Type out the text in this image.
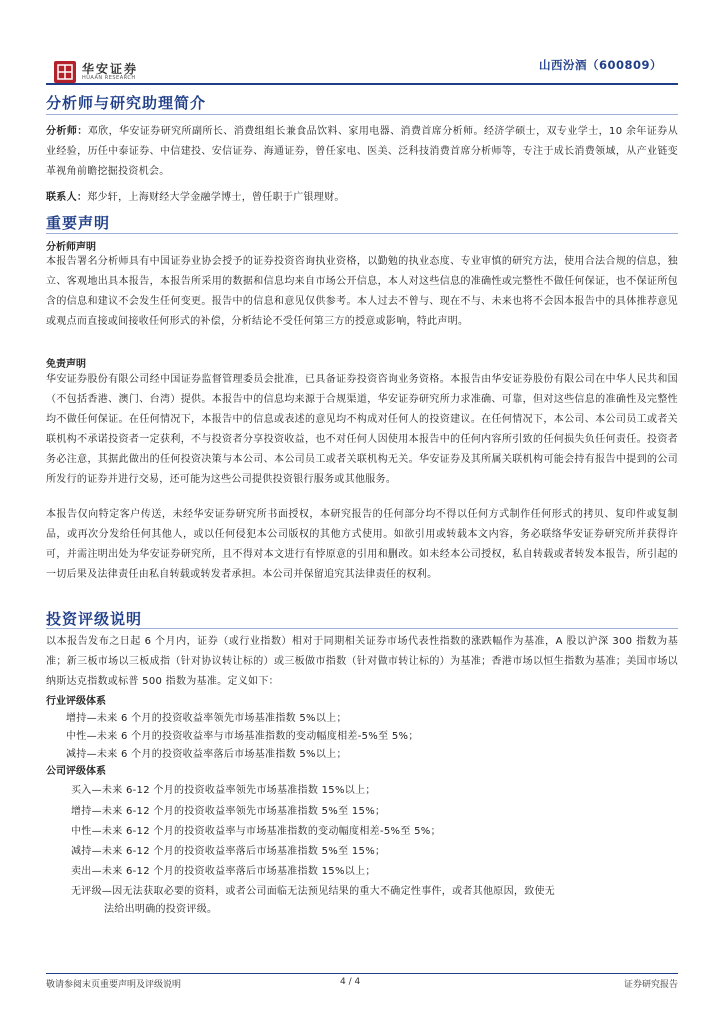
华安证券
HUAAN RESEARCH
山西汾酒（600809）
分析师与研究助理简介
分析师：邓欣，华安证券研究所副所长、消费组组长兼食品饮料、家用电器、消费首席分析师。经济学硕士，双专业学士，10 余年证券从业经验，历任中泰证券、中信建投、安信证券、海通证券，曾任家电、医美、泛科技消费首席分析师等，专注于成长消费领域，从产业链变革视角前瞻挖掘投资机会。
联系人：郑少轩，上海财经大学金融学博士，曾任职于广银理财。
重要声明
分析师声明
本报告署名分析师具有中国证券业协会授予的证券投资咨询执业资格，以勤勉的执业态度、专业审慎的研究方法，使用合法合规的信息，独立、客观地出具本报告，本报告所采用的数据和信息均来自市场公开信息，本人对这些信息的准确性或完整性不做任何保证，也不保证所包含的信息和建议不会发生任何变更。报告中的信息和意见仅供参考。本人过去不曾与、现在不与、未来也将不会因本报告中的具体推荐意见或观点而直接或间接收任何形式的补偿，分析结论不受任何第三方的授意或影响，特此声明。
免责声明
华安证券股份有限公司经中国证券监督管理委员会批准，已具备证券投资咨询业务资格。本报告由华安证券股份有限公司在中华人民共和国（不包括香港、澳门、台湾）提供。本报告中的信息均来源于合规渠道，华安证券研究所力求准确、可靠，但对这些信息的准确性及完整性均不做任何保证。在任何情况下，本报告中的信息或表述的意见均不构成对任何人的投资建议。在任何情况下，本公司、本公司员工或者关联机构不承诺投资者一定获利，不与投资者分享投资收益，也不对任何人因使用本报告中的任何内容所引致的任何损失负任何责任。投资者务必注意，其据此做出的任何投资决策与本公司、本公司员工或者关联机构无关。华安证券及其所属关联机构可能会持有报告中提到的公司所发行的证券并进行交易，还可能为这些公司提供投资银行服务或其他服务。
本报告仅向特定客户传送，未经华安证券研究所书面授权，本研究报告的任何部分均不得以任何方式制作任何形式的拷贝、复印件或复制品，或再次分发给任何其他人，或以任何侵犯本公司版权的其他方式使用。如欲引用或转载本文内容，务必联络华安证券研究所并获得许可，并需注明出处为华安证券研究所，且不得对本文进行有悖原意的引用和删改。如未经本公司授权，私自转载或者转发本报告，所引起的一切后果及法律责任由私自转载或转发者承担。本公司并保留追究其法律责任的权利。
投资评级说明
以本报告发布之日起 6 个月内，证券（或行业指数）相对于同期相关证券市场代表性指数的涨跌幅作为基准，A 股以沪深 300 指数为基准；新三板市场以三板成指（针对协议转让标的）或三板做市指数（针对做市转让标的）为基准；香港市场以恒生指数为基准；美国市场以纳斯达克指数或标普 500 指数为基准。定义如下：
行业评级体系
增持—未来 6 个月的投资收益率领先市场基准指数 5%以上；
中性—未来 6 个月的投资收益率与市场基准指数的变动幅度相差-5%至 5%；
减持—未来 6 个月的投资收益率落后市场基准指数 5%以上；
公司评级体系
买入—未来 6-12 个月的投资收益率领先市场基准指数 15%以上；
增持—未来 6-12 个月的投资收益率领先市场基准指数 5%至 15%；
中性—未来 6-12 个月的投资收益率与市场基准指数的变动幅度相差-5%至 5%；
减持—未来 6-12 个月的投资收益率落后市场基准指数 5%至 15%；
卖出—未来 6-12 个月的投资收益率落后市场基准指数 15%以上；
无评级—因无法获取必要的资料，或者公司面临无法预见结果的重大不确定性事件，或者其他原因，致使无
法给出明确的投资评级。
敬请参阅末页重要声明及评级说明	4 / 4	证券研究报告
